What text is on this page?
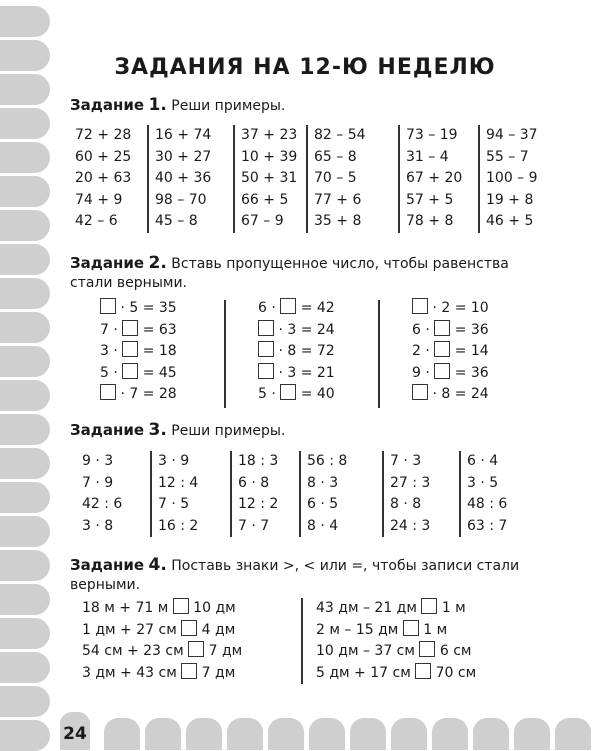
24
ЗАДАНИЯ НА 12-Ю НЕДЕЛЮ
Задание 1. Реши примеры.
72 + 28
60 + 25
20 + 63
74 + 9
42 – 6
16 + 74
30 + 27
40 + 36
98 – 70
45 – 8
37 + 23
10 + 39
50 + 31
66 + 5
67 – 9
82 – 54
65 – 8
70 – 5
77 + 6
35 + 8
73 – 19
31 – 4
67 + 20
57 + 5
78 + 8
94 – 37
55 – 7
100 – 9
19 + 8
46 + 5
Задание 2. Вставь пропущенное число, чтобы равенства стали верными.
· 5 = 35
7 ·  = 63
3 ·  = 18
5 ·  = 45
· 7 = 28
6 ·  = 42
· 3 = 24
· 8 = 72
· 3 = 21
5 ·  = 40
· 2 = 10
6 ·  = 36
2 ·  = 14
9 ·  = 36
· 8 = 24
Задание 3. Реши примеры.
9 · 3
7 · 9
42 : 6
3 · 8
3 · 9
12 : 4
7 · 5
16 : 2
18 : 3
6 · 8
12 : 2
7 · 7
56 : 8
8 · 3
6 · 5
8 · 4
7 · 3
27 : 3
8 · 8
24 : 3
6 · 4
3 · 5
48 : 6
63 : 7
Задание 4. Поставь знаки >, < или =, чтобы записи стали верными.
18 м + 71 м  10 дм
1 дм + 27 см  4 дм
54 см + 23 см  7 дм
3 дм + 43 см  7 дм
43 дм – 21 дм  1 м
2 м – 15 дм  1 м
10 дм – 37 см  6 см
5 дм + 17 см  70 см
